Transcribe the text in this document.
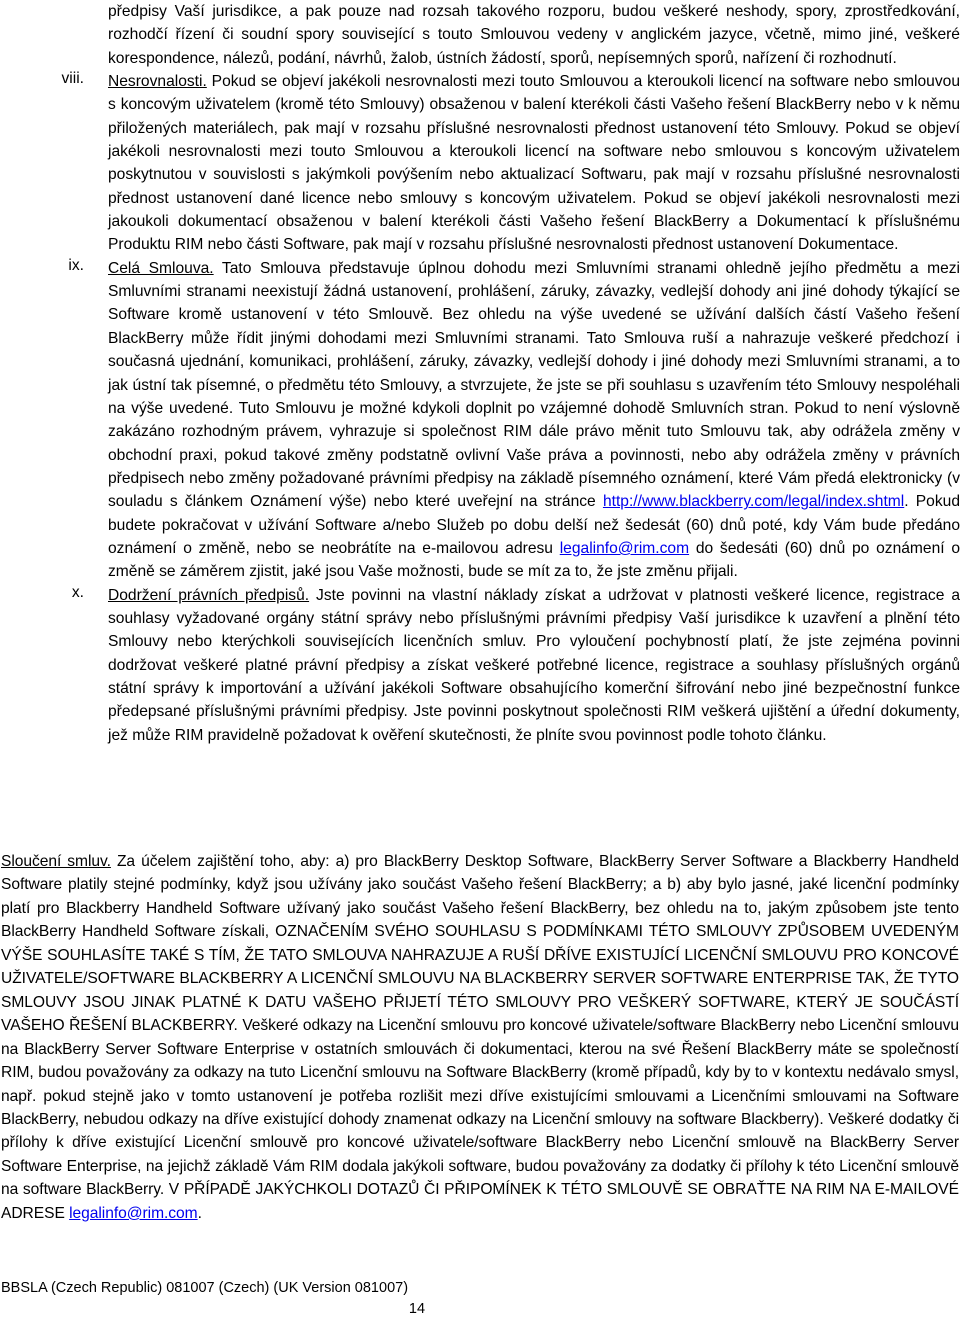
předpisy Vaší jurisdikce, a pak pouze nad rozsah takového rozporu, budou veškeré neshody, spory, zprostředkování, rozhodčí řízení či soudní spory související s touto Smlouvou vedeny v anglickém jazyce, včetně, mimo jiné, veškeré korespondence, nálezů, podání, návrhů, žalob, ústních žádostí, sporů, nepísemných sporů, nařízení či rozhodnutí.

viii. Nesrovnalosti. Pokud se objeví jakékoli nesrovnalosti mezi touto Smlouvou a kteroukoli licencí na software nebo smlouvou s koncovým uživatelem (kromě této Smlouvy) obsaženou v balení kterékoli části Vašeho řešení BlackBerry nebo v k němu přiložených materiálech, pak mají v rozsahu příslušné nesrovnalosti přednost ustanovení této Smlouvy. Pokud se objeví jakékoli nesrovnalosti mezi touto Smlouvou a kteroukoli licencí na software nebo smlouvou s koncovým uživatelem poskytnutou v souvislosti s jakýmkoli povýšením nebo aktualizací Softwaru, pak mají v rozsahu příslušné nesrovnalosti přednost ustanovení dané licence nebo smlouvy s koncovým uživatelem. Pokud se objeví jakékoli nesrovnalosti mezi jakoukoli dokumentací obsaženou v balení kterékoli části Vašeho řešení BlackBerry a Dokumentací k příslušnému Produktu RIM nebo části Software, pak mají v rozsahu příslušné nesrovnalosti přednost ustanovení Dokumentace.

ix. Celá Smlouva. Tato Smlouva představuje úplnou dohodu mezi Smluvními stranami ohledně jejího předmětu a mezi Smluvními stranami neexistují žádná ustanovení, prohlášení, záruky, závazky, vedlejší dohody ani jiné dohody týkající se Software kromě ustanovení v této Smlouvě. Bez ohledu na výše uvedené se užívání dalších částí Vašeho řešení BlackBerry může řídit jinými dohodami mezi Smluvními stranami. Tato Smlouva ruší a nahrazuje veškeré předchozí i současná ujednání, komunikaci, prohlášení, záruky, závazky, vedlejší dohody i jiné dohody mezi Smluvními stranami, a to jak ústní tak písemné, o předmětu této Smlouvy, a stvrzujete, že jste se při souhlasu s uzavřením této Smlouvy nespoléhali na výše uvedené. Tuto Smlouvu je možné kdykoli doplnit po vzájemné dohodě Smluvních stran. Pokud to není výslovně zakázáno rozhodným právem, vyhrazuje si společnost RIM dále právo měnit tuto Smlouvu tak, aby odrážela změny v obchodní praxi, pokud takové změny podstatně ovlivní Vaše práva a povinnosti, nebo aby odrážela změny v právních předpisech nebo změny požadované právními předpisy na základě písemného oznámení, které Vám předá elektronicky (v souladu s článkem Oznámení výše) nebo které uveřejní na stránce http://www.blackberry.com/legal/index.shtml. Pokud budete pokračovat v užívání Software a/nebo Služeb po dobu delší než šedesát (60) dnů poté, kdy Vám bude předáno oznámení o změně, nebo se neobrátíte na e-mailovou adresu legalinfo@rim.com do šedesáti (60) dnů po oznámení o změně se záměrem zjistit, jaké jsou Vaše možnosti, bude se mít za to, že jste změnu přijali.

x. Dodržení právních předpisů. Jste povinni na vlastní náklady získat a udržovat v platnosti veškeré licence, registrace a souhlasy vyžadované orgány státní správy nebo příslušnými právními předpisy Vaší jurisdikce k uzavření a plnění této Smlouvy nebo kterýchkoli souvisejících licenčních smluv. Pro vyloučení pochybností platí, že jste zejména povinni dodržovat veškeré platné právní předpisy a získat veškeré potřebné licence, registrace a souhlasy příslušných orgánů státní správy k importování a užívání jakékoli Software obsahujícího komerční šifrování nebo jiné bezpečnostní funkce předepsané příslušnými právními předpisy. Jste povinni poskytnout společnosti RIM veškerá ujištění a úřední dokumenty, jež může RIM pravidelně požadovat k ověření skutečnosti, že plníte svou povinnost podle tohoto článku.

Sloučení smluv. Za účelem zajištění toho, aby: a) pro BlackBerry Desktop Software, BlackBerry Server Software a Blackberry Handheld Software platily stejné podmínky, když jsou užívány jako součást Vašeho řešení BlackBerry; a b) aby bylo jasné, jaké licenční podmínky platí pro Blackberry Handheld Software užívaný jako součást Vašeho řešení BlackBerry, bez ohledu na to, jakým způsobem jste tento BlackBerry Handheld Software získali, OZNAČENÍM SVÉHO SOUHLASU S PODMÍNKAMI TÉTO SMLOUVY ZPŮSOBEM UVEDENÝM VÝŠE SOUHLASÍTE TAKÉ S TÍM, ŽE TATO SMLOUVA NAHRAZUJE A RUŠÍ DŘÍVE EXISTUJÍCÍ LICENČNÍ SMLOUVU PRO KONCOVÉ UŽIVATELE/SOFTWARE BLACKBERRY A LICENČNÍ SMLOUVU NA BLACKBERRY SERVER SOFTWARE ENTERPRISE TAK, ŽE TYTO SMLOUVY JSOU JINAK PLATNÉ K DATU VAŠEHO PŘIJETÍ TÉTO SMLOUVY PRO VEŠKERÝ SOFTWARE, KTERÝ JE SOUČÁSTÍ VAŠEHO ŘEŠENÍ BLACKBERRY. Veškeré odkazy na Licenční smlouvu pro koncové uživatele/software BlackBerry nebo Licenční smlouvu na BlackBerry Server Software Enterprise v ostatních smlouvách či dokumentaci, kterou na své Řešení BlackBerry máte se společností RIM, budou považovány za odkazy na tuto Licenční smlouvu na Software BlackBerry (kromě případů, kdy by to v kontextu nedávalo smysl, např. pokud stejně jako v tomto ustanovení je potřeba rozlišit mezi dříve existujícími smlouvami a Licenčními smlouvami na Software BlackBerry, nebudou odkazy na dříve existující dohody znamenat odkazy na Licenční smlouvy na software Blackberry). Veškeré dodatky či přílohy k dříve existující Licenční smlouvě pro koncové uživatele/software BlackBerry nebo Licenční smlouvě na BlackBerry Server Software Enterprise, na jejichž základě Vám RIM dodala jakýkoli software, budou považovány za dodatky či přílohy k této Licenční smlouvě na software BlackBerry. V PŘÍPADĚ JAKÝCHKOLI DOTAZŮ ČI PŘIPOMÍNEK K TÉTO SMLOUVĚ SE OBRAŤTE NA RIM NA E-MAILOVÉ ADRESE legalinfo@rim.com.

BBSLA (Czech Republic) 081007 (Czech) (UK Version 081007)
14
